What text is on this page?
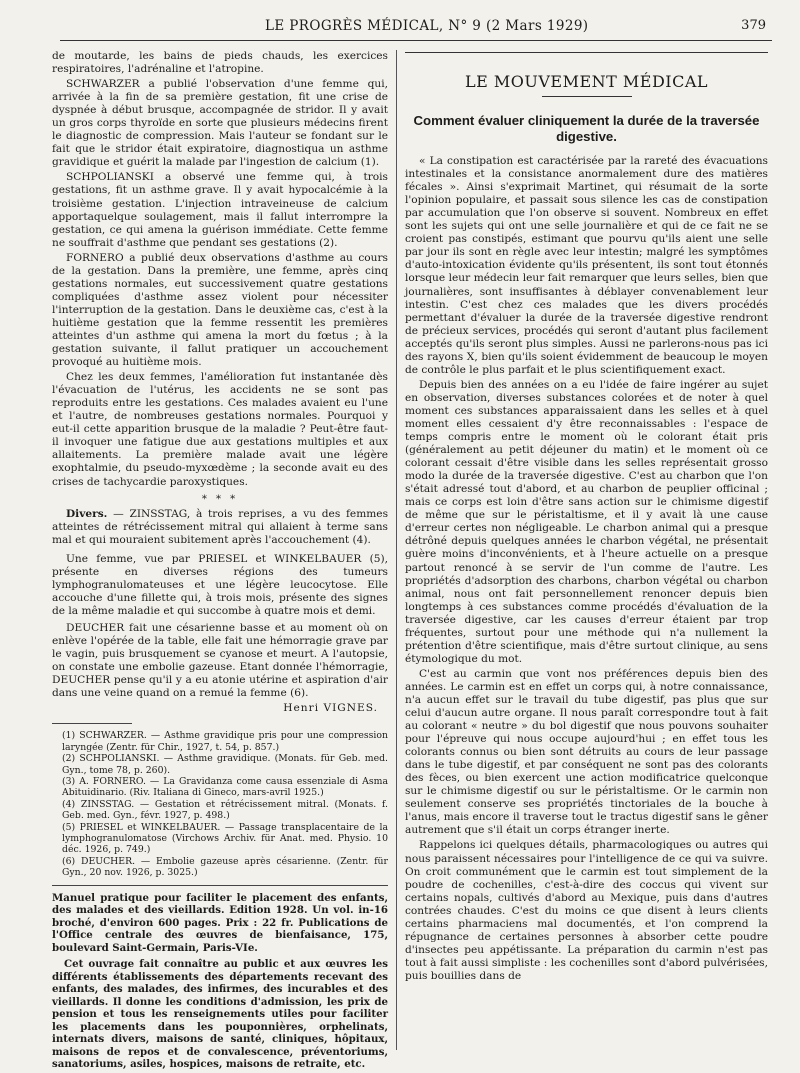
LE PROGRÈS MÉDICAL, N° 9 (2 Mars 1929)	379

de moutarde, les bains de pieds chauds, les exercices respiratoires, l'adrénaline et l'atropine.

SCHWARZER a publié l'observation d'une femme qui, arrivée à la fin de sa première gestation, fit une crise de dyspnée à début brusque, accompagnée de stridor. Il y avait un gros corps thyroïde en sorte que plusieurs médecins firent le diagnostic de compression. Mais l'auteur se fondant sur le fait que le stridor était expiratoire, diagnostiqua un asthme gravidique et guérit la malade par l'ingestion de calcium (1).

SCHPOLIANSKI a observé une femme qui, à trois gestations, fit un asthme grave. Il y avait hypocalcémie à la troisième gestation. L'injection intraveineuse de calcium apportaquelque soulagement, mais il fallut interrompre la gestation, ce qui amena la guérison immédiate. Cette femme ne souffrait d'asthme que pendant ses gestations (2).

FORNERO a publié deux observations d'asthme au cours de la gestation. Dans la première, une femme, après cinq gestations normales, eut successivement quatre gestations compliquées d'asthme assez violent pour nécessiter l'interruption de la gestation. Dans le deuxième cas, c'est à la huitième gestation que la femme ressentit les premières atteintes d'un asthme qui amena la mort du fœtus ; à la gestation suivante, il fallut pratiquer un accouchement provoqué au huitième mois.

Chez les deux femmes, l'amélioration fut instantanée dès l'évacuation de l'utérus, les accidents ne se sont pas reproduits entre les gestations. Ces malades avaient eu l'une et l'autre, de nombreuses gestations normales. Pourquoi y eut-il cette apparition brusque de la maladie ? Peut-être faut-il invoquer une fatigue due aux gestations multiples et aux allaitements. La première malade avait une légère exophtalmie, du pseudo-myxœdème ; la seconde avait eu des crises de tachycardie paroxystiques.

* * *

Divers. — ZINSSTAG, à trois reprises, a vu des femmes atteintes de rétrécissement mitral qui allaient à terme sans mal et qui mouraient subitement après l'accouchement (4).

Une femme, vue par PRIESEL et WINKELBAUER (5), présente en diverses régions des tumeurs lymphogranulomateuses et une légère leucocytose. Elle accouche d'une fillette qui, à trois mois, présente des signes de la même maladie et qui succombe à quatre mois et demi.

DEUCHER fait une césarienne basse et au moment où on enlève l'opérée de la table, elle fait une hémorragie grave par le vagin, puis brusquement se cyanose et meurt. A l'autopsie, on constate une embolie gazeuse. Etant donnée l'hémorragie, DEUCHER pense qu'il y a eu atonie utérine et aspiration d'air dans une veine quand on a remué la femme (6).

Henri VIGNES.

(1) SCHWARZER. — Asthme gravidique pris pour une compression laryngée (Zentr. für Chir., 1927, t. 54, p. 857.)

(2) SCHPOLIANSKI. — Asthme gravidique. (Monats. für Geb. med. Gyn., tome 78, p. 260).

(3) A. FORNERO. — La Gravidanza come causa essenziale di Asma Abituidinario. (Riv. Italiana di Gineco, mars-avril 1925.)

(4) ZINSSTAG. — Gestation et rétrécissement mitral. (Monats. f. Geb. med. Gyn., févr. 1927, p. 498.)

(5) PRIESEL et WINKELBAUER. — Passage transplacentaire de la lymphogranulomatose (Virchows Archiv. für Anat. med. Physio. 10 déc. 1926, p. 749.)

(6) DEUCHER. — Embolie gazeuse après césarienne. (Zentr. für Gyn., 20 nov. 1926, p. 3025.)

Manuel pratique pour faciliter le placement des enfants, des malades et des vieillards. Edition 1928. Un vol. in-16 broché, d'environ 600 pages. Prix : 22 fr. Publications de l'Office centrale des œuvres de bienfaisance, 175, boulevard Saint-Germain, Paris-VIe.

Cet ouvrage fait connaître au public et aux œuvres les différents établissements des départements recevant des enfants, des malades, des infirmes, des incurables et des vieillards. Il donne les conditions d'admission, les prix de pension et tous les renseignements utiles pour faciliter les placements dans les pouponnières, orphelinats, internats divers, maisons de santé, cliniques, hôpitaux, maisons de repos et de convalescence, préventoriums, sanatoriums, asiles, hospices, maisons de retraite, etc.

LE MOUVEMENT MÉDICAL
Comment évaluer cliniquement la durée de la traversée digestive.

« La constipation est caractérisée par la rareté des évacuations intestinales et la consistance anormalement dure des matières fécales ». Ainsi s'exprimait Martinet, qui résumait de la sorte l'opinion populaire, et passait sous silence les cas de constipation par accumulation que l'on observe si souvent. Nombreux en effet sont les sujets qui ont une selle journalière et qui de ce fait ne se croient pas constipés, estimant que pourvu qu'ils aient une selle par jour ils sont en règle avec leur intestin; malgré les symptômes d'auto-intoxication évidente qu'ils présentent, ils sont tout étonnés lorsque leur médecin leur fait remarquer que leurs selles, bien que journalières, sont insuffisantes à déblayer convenablement leur intestin. C'est chez ces malades que les divers procédés permettant d'évaluer la durée de la traversée digestive rendront de précieux services, procédés qui seront d'autant plus facilement acceptés qu'ils seront plus simples. Aussi ne parlerons-nous pas ici des rayons X, bien qu'ils soient évidemment de beaucoup le moyen de contrôle le plus parfait et le plus scientifiquement exact.

Depuis bien des années on a eu l'idée de faire ingérer au sujet en observation, diverses substances colorées et de noter à quel moment ces substances apparaissaient dans les selles et à quel moment elles cessaient d'y être reconnaissables : l'espace de temps compris entre le moment où le colorant était pris (généralement au petit déjeuner du matin) et le moment où ce colorant cessait d'être visible dans les selles représentait grosso modo la durée de la traversée digestive. C'est au charbon que l'on s'était adressé tout d'abord, et au charbon de peuplier officinal ; mais ce corps est loin d'être sans action sur le chimisme digestif de même que sur le péristaltisme, et il y avait là une cause d'erreur certes non négligeable. Le charbon animal qui a presque détrôné depuis quelques années le charbon végétal, ne présentait guère moins d'inconvénients, et à l'heure actuelle on a presque partout renoncé à se servir de l'un comme de l'autre. Les propriétés d'adsorption des charbons, charbon végétal ou charbon animal, nous ont fait personnellement renoncer depuis bien longtemps à ces substances comme procédés d'évaluation de la traversée digestive, car les causes d'erreur étaient par trop fréquentes, surtout pour une méthode qui n'a nullement la prétention d'être scientifique, mais d'être surtout clinique, au sens étymologique du mot.

C'est au carmin que vont nos préférences depuis bien des années. Le carmin est en effet un corps qui, à notre connaissance, n'a aucun effet sur le travail du tube digestif, pas plus que sur celui d'aucun autre organe. Il nous paraît correspondre tout à fait au colorant « neutre » du bol digestif que nous pouvons souhaiter pour l'épreuve qui nous occupe aujourd'hui ; en effet tous les colorants connus ou bien sont détruits au cours de leur passage dans le tube digestif, et par conséquent ne sont pas des colorants des fèces, ou bien exercent une action modificatrice quelconque sur le chimisme digestif ou sur le péristaltisme. Or le carmin non seulement conserve ses propriétés tinctoriales de la bouche à l'anus, mais encore il traverse tout le tractus digestif sans le gêner autrement que s'il était un corps étranger inerte.

Rappelons ici quelques détails, pharmacologiques ou autres qui nous paraissent nécessaires pour l'intelligence de ce qui va suivre. On croit communément que le carmin est tout simplement de la poudre de cochenilles, c'est-à-dire des coccus qui vivent sur certains nopals, cultivés d'abord au Mexique, puis dans d'autres contrées chaudes. C'est du moins ce que disent à leurs clients certains pharmaciens mal documentés, et l'on comprend la répugnance de certaines personnes à absorber cette poudre d'insectes peu appétissante. La préparation du carmin n'est pas tout à fait aussi simpliste : les cochenilles sont d'abord pulvérisées, puis bouillies dans de
